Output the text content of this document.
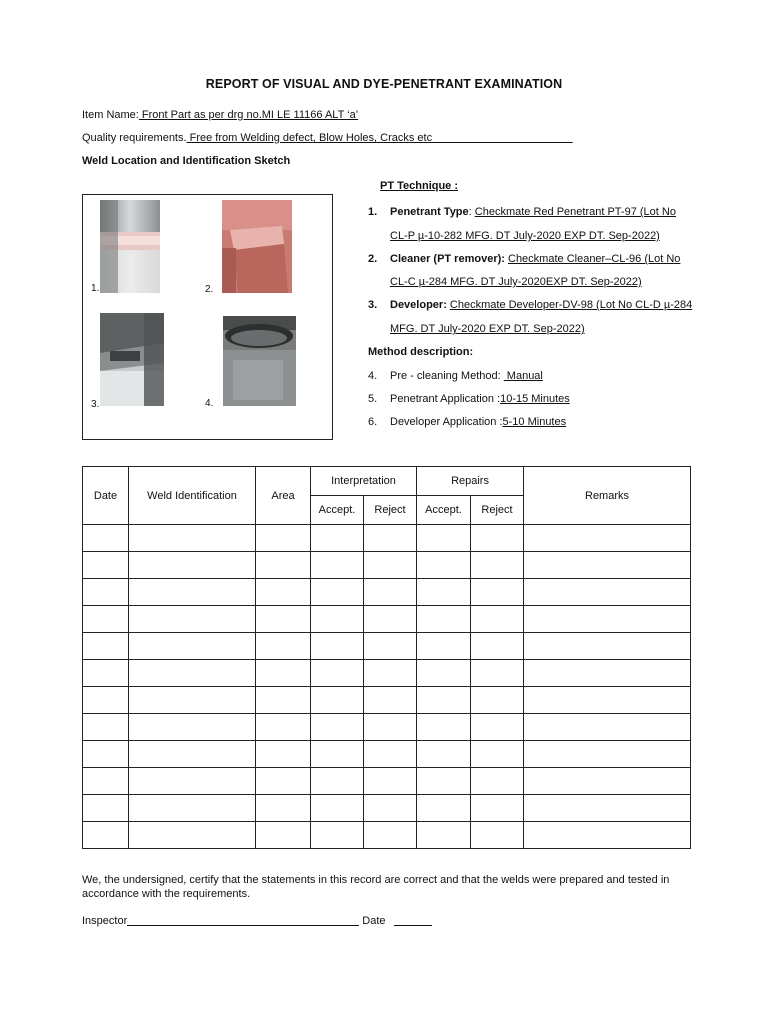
REPORT OF VISUAL AND DYE-PENETRANT EXAMINATION
Item Name: Front Part as per drg no.MI LE 11166 ALT ‘a’
Quality requirements. Free from Welding defect, Blow Holes, Cracks etc
Weld Location and Identification Sketch
1.	2.
3.	4.
PT Technique :
1. Penetrant Type: Checkmate Red Penetrant PT-97 (Lot No
CL-P µ-10-282 MFG. DT July-2020 EXP DT. Sep-2022)
2. Cleaner (PT remover): Checkmate Cleaner–CL-96 (Lot No
CL-C µ-284 MFG. DT July-2020EXP DT. Sep-2022)
3. Developer: Checkmate Developer-DV-98 (Lot No CL-D µ-284
MFG. DT July-2020 EXP DT. Sep-2022)
Method description:
4. Pre - cleaning Method:  Manual
5. Penetrant Application :10-15 Minutes
6. Developer Application :5-10 Minutes
Date	Weld Identification	Area	Interpretation		Repairs		Remarks
			Accept.	Reject	Accept.	Reject	

We, the undersigned, certify that the statements in this record are correct and that the welds were prepared and tested in accordance with the requirements.
Inspector	Date
